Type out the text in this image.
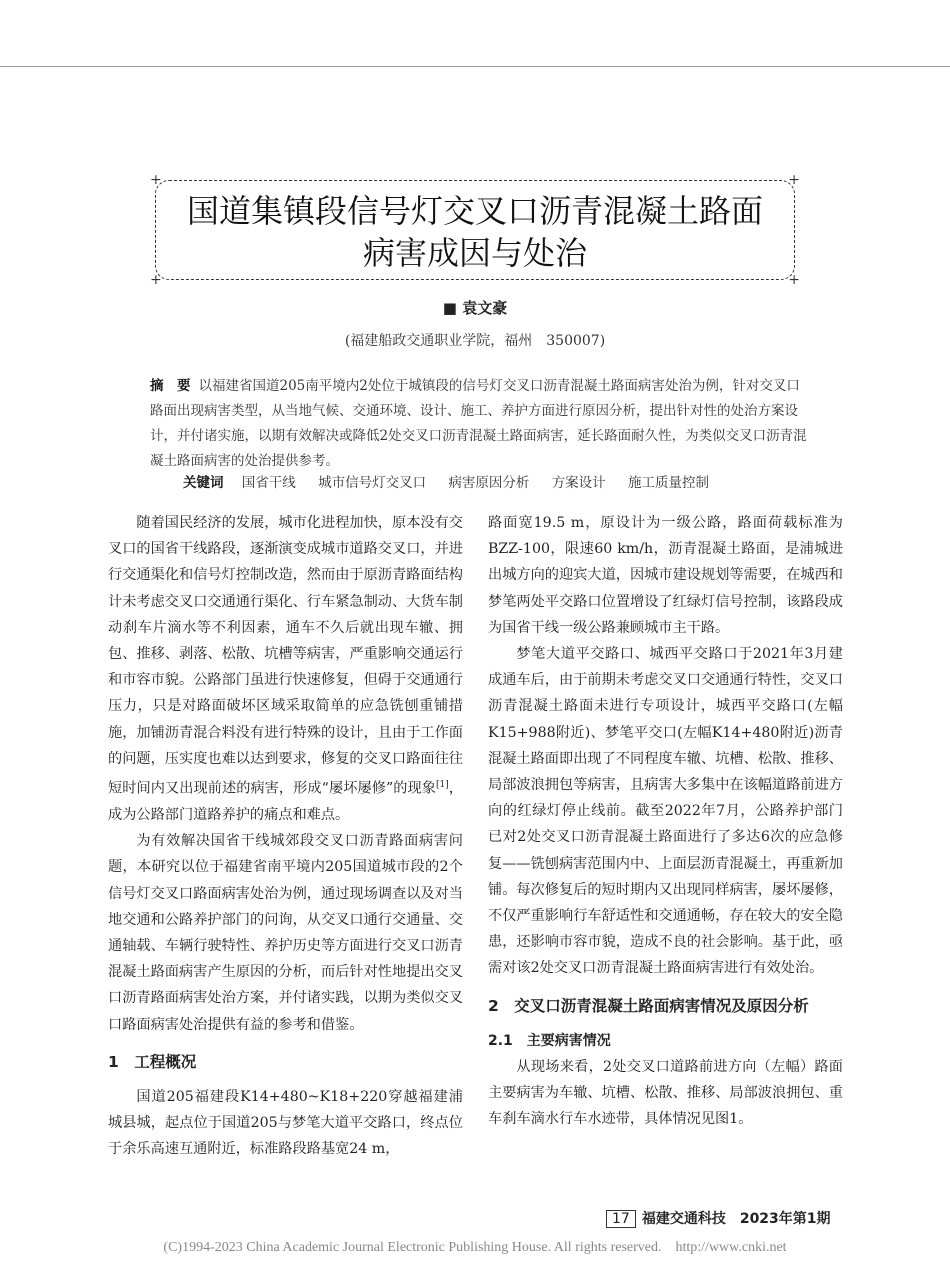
+	+
+	+
国道集镇段信号灯交叉口沥青混凝土路面
病害成因与处治
■ 袁文豪
(福建船政交通职业学院，福州　350007)
摘　要 以福建省国道205南平境内2处位于城镇段的信号灯交叉口沥青混凝土路面病害处治为例，针对交叉口路面出现病害类型，从当地气候、交通环境、设计、施工、养护方面进行原因分析，提出针对性的处治方案设计，并付诸实施，以期有效解决或降低2处交叉口沥青混凝土路面病害，延长路面耐久性，为类似交叉口沥青混凝土路面病害的处治提供参考。
关键词 国省干线 城市信号灯交叉口 病害原因分析 方案设计 施工质量控制

随着国民经济的发展，城市化进程加快，原本没有交叉口的国省干线路段，逐渐演变成城市道路交叉口，并进行交通渠化和信号灯控制改造，然而由于原沥青路面结构计未考虑交叉口交通通行渠化、行车紧急制动、大货车制动刹车片滴水等不利因素，通车不久后就出现车辙、拥包、推移、剥落、松散、坑槽等病害，严重影响交通运行和市容市貌。公路部门虽进行快速修复，但碍于交通通行压力，只是对路面破坏区域采取简单的应急铣刨重铺措施，加铺沥青混合料没有进行特殊的设计，且由于工作面的问题，压实度也难以达到要求，修复的交叉口路面往往短时间内又出现前述的病害，形成“屡坏屡修”的现象[1]，成为公路部门道路养护的痛点和难点。

为有效解决国省干线城郊段交叉口沥青路面病害问题，本研究以位于福建省南平境内205国道城市段的2个信号灯交叉口路面病害处治为例，通过现场调查以及对当地交通和公路养护部门的问询，从交叉口通行交通量、交通轴载、车辆行驶特性、养护历史等方面进行交叉口沥青混凝土路面病害产生原因的分析，而后针对性地提出交叉口沥青路面病害处治方案，并付诸实践，以期为类似交叉口路面病害处治提供有益的参考和借鉴。

1　工程概况

国道205福建段K14+480~K18+220穿越福建浦城县城，起点位于国道205与梦笔大道平交路口，终点位于余乐高速互通附近，标准路段路基宽24 m，

路面宽19.5 m，原设计为一级公路，路面荷载标准为BZZ-100，限速60 km/h，沥青混凝土路面，是浦城进出城方向的迎宾大道，因城市建设规划等需要，在城西和梦笔两处平交路口位置增设了红绿灯信号控制，该路段成为国省干线一级公路兼顾城市主干路。

梦笔大道平交路口、城西平交路口于2021年3月建成通车后，由于前期未考虑交叉口交通通行特性，交叉口沥青混凝土路面未进行专项设计，城西平交路口(左幅K15+988附近)、梦笔平交口(左幅K14+480附近)沥青混凝土路面即出现了不同程度车辙、坑槽、松散、推移、局部波浪拥包等病害，且病害大多集中在该幅道路前进方向的红绿灯停止线前。截至2022年7月，公路养护部门已对2处交叉口沥青混凝土路面进行了多达6次的应急修复——铣刨病害范围内中、上面层沥青混凝土，再重新加铺。每次修复后的短时期内又出现同样病害，屡坏屡修，不仅严重影响行车舒适性和交通通畅，存在较大的安全隐患，还影响市容市貌，造成不良的社会影响。基于此，亟需对该2处交叉口沥青混凝土路面病害进行有效处治。

2　交叉口沥青混凝土路面病害情况及原因分析
2.1　主要病害情况

从现场来看，2处交叉口道路前进方向（左幅）路面主要病害为车辙、坑槽、松散、推移、局部波浪拥包、重车刹车滴水行车水迹带，具体情况见图1。

17 福建交通科技　2023年第1期
(C)1994-2023 China Academic Journal Electronic Publishing House. All rights reserved.　http://www.cnki.net
